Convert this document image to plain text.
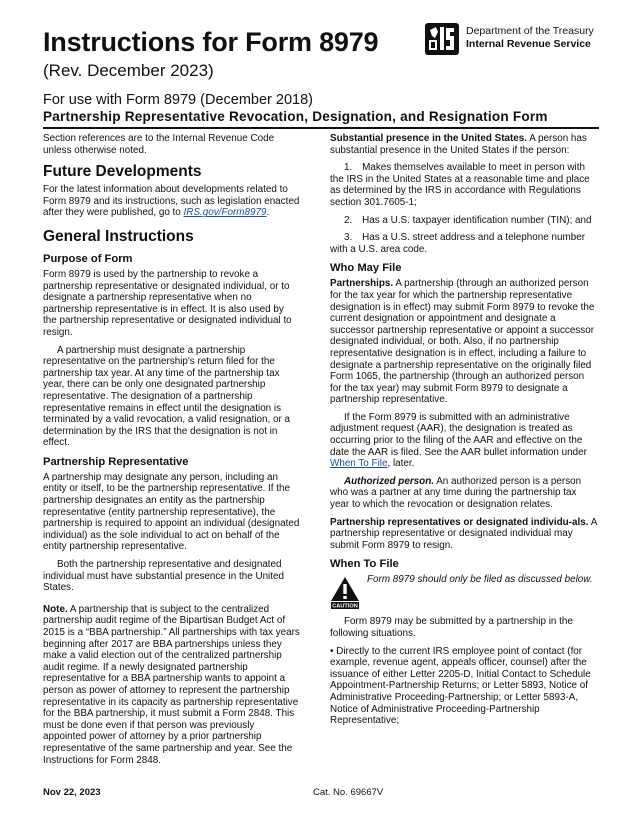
Instructions for Form 8979
(Rev. December 2023)
For use with Form 8979 (December 2018)
Partnership Representative Revocation, Designation, and Resignation Form
Department of the Treasury
Internal Revenue Service

Section references are to the Internal Revenue Code unless otherwise noted.

Future Developments

For the latest information about developments related to Form 8979 and its instructions, such as legislation enacted after they were published, go to IRS.gov/Form8979.

General Instructions
Purpose of Form

Form 8979 is used by the partnership to revoke a partnership representative or designated individual, or to designate a partnership representative when no partnership representative is in effect. It is also used by the partnership representative or designated individual to resign.

A partnership must designate a partnership representative on the partnership's return filed for the partnership tax year. At any time of the partnership tax year, there can be only one designated partnership representative. The designation of a partnership representative remains in effect until the designation is terminated by a valid revocation, a valid resignation, or a determination by the IRS that the designation is not in effect.

Partnership Representative

A partnership may designate any person, including an entity or itself, to be the partnership representative. If the partnership designates an entity as the partnership representative (entity partnership representative), the partnership is required to appoint an individual (designated individual) as the sole individual to act on behalf of the entity partnership representative.

Both the partnership representative and designated individual must have substantial presence in the United States.

Note. A partnership that is subject to the centralized partnership audit regime of the Bipartisan Budget Act of 2015 is a “BBA partnership.” All partnerships with tax years beginning after 2017 are BBA partnerships unless they make a valid election out of the centralized partnership audit regime. If a newly designated partnership representative for a BBA partnership wants to appoint a person as power of attorney to represent the partnership representative in its capacity as partnership representative for the BBA partnership, it must submit a Form 2848. This must be done even if that person was previously appointed power of attorney by a prior partnership representative of the same partnership and year. See the Instructions for Form 2848.

Substantial presence in the United States. A person has substantial presence in the United States if the person:

1. Makes themselves available to meet in person with the IRS in the United States at a reasonable time and place as determined by the IRS in accordance with Regulations section 301.7605-1;

2. Has a U.S. taxpayer identification number (TIN); and

3. Has a U.S. street address and a telephone number with a U.S. area code.

Who May File

Partnerships. A partnership (through an authorized person for the tax year for which the partnership representative designation is in effect) may submit Form 8979 to revoke the current designation or appointment and designate a successor partnership representative or appoint a successor designated individual, or both. Also, if no partnership representative designation is in effect, including a failure to designate a partnership representative on the originally filed Form 1065, the partnership (through an authorized person for the tax year) may submit Form 8979 to designate a partnership representative.

If the Form 8979 is submitted with an administrative adjustment request (AAR), the designation is treated as occurring prior to the filing of the AAR and effective on the date the AAR is filed. See the AAR bullet information under When To File, later.

Authorized person. An authorized person is a person who was a partner at any time during the partnership tax year to which the revocation or designation relates.

Partnership representatives or designated individu-als. A partnership representative or designated individual may submit Form 8979 to resign.

When To File
CAUTION
Form 8979 should only be filed as discussed below.

Form 8979 may be submitted by a partnership in the following situations.

• Directly to the current IRS employee point of contact (for example, revenue agent, appeals officer, counsel) after the issuance of either Letter 2205-D, Initial Contact to Schedule Appointment-Partnership Returns; or Letter 5893, Notice of Administrative Proceeding-Partnership; or Letter 5893-A, Notice of Administrative Proceeding-Partnership Representative;

Nov 22, 2023	Cat. No. 69667V
